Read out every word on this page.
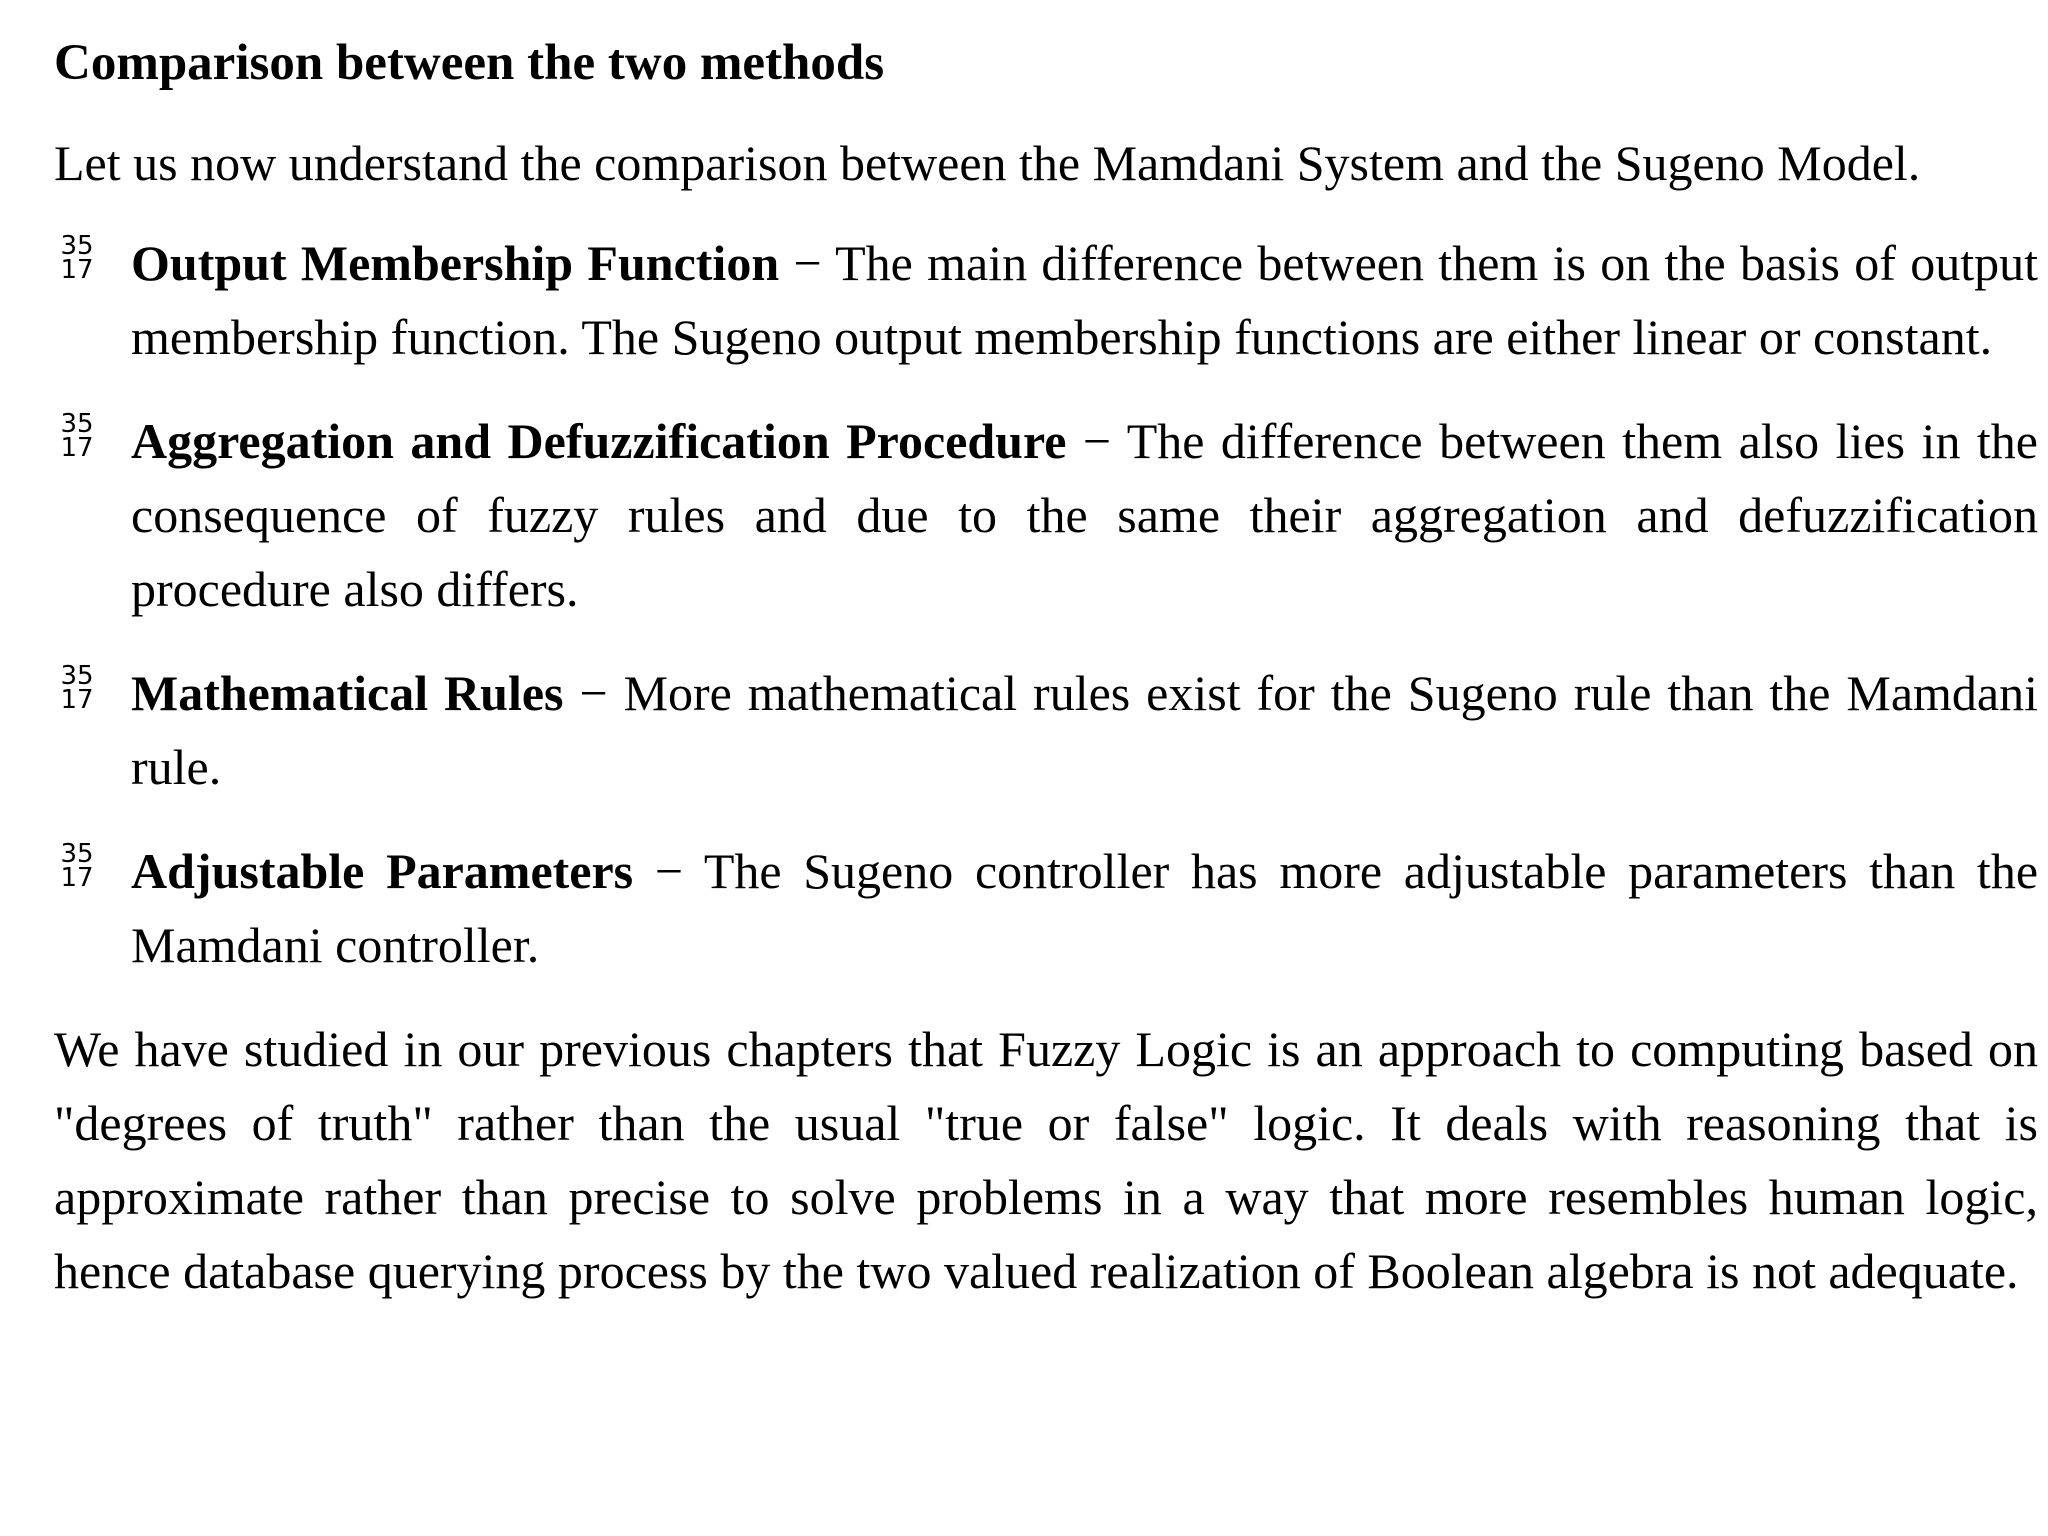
Comparison between the two methods

Let us now understand the comparison between the Mamdani System and the Sugeno Model.

35
17 Output Membership Function − The main difference between them is on the basis of output membership function. The Sugeno output membership functions are either linear or constant.
35
17 Aggregation and Defuzzification Procedure − The difference between them also lies in the consequence of fuzzy rules and due to the same their aggregation and defuzzification procedure also differs.
35
17 Mathematical Rules − More mathematical rules exist for the Sugeno rule than the Mamdani rule.
35
17 Adjustable Parameters − The Sugeno controller has more adjustable parameters than the Mamdani controller.

We have studied in our previous chapters that Fuzzy Logic is an approach to computing based on "degrees of truth" rather than the usual "true or false" logic. It deals with reasoning that is approximate rather than precise to solve problems in a way that more resembles human logic, hence database querying process by the two valued realization of Boolean algebra is not adequate.
